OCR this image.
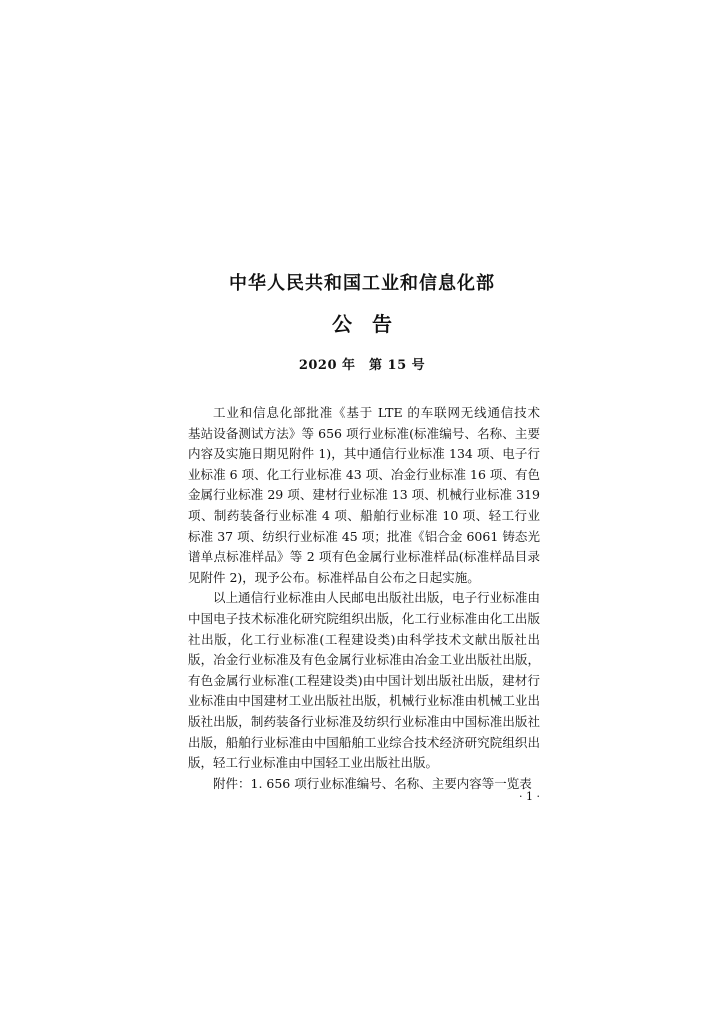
中华人民共和国工业和信息化部
公　告
2020 年　第 15 号

工业和信息化部批准《基于 LTE 的车联网无线通信技术　基站设备测试方法》等 656 项行业标准(标准编号、名称、主要内容及实施日期见附件 1)，其中通信行业标准 134 项、电子行业标准 6 项、化工行业标准 43 项、冶金行业标准 16 项、有色金属行业标准 29 项、建材行业标准 13 项、机械行业标准 319 项、制药装备行业标准 4 项、船舶行业标准 10 项、轻工行业标准 37 项、纺织行业标准 45 项；批准《铝合金 6061 铸态光谱单点标准样品》等 2 项有色金属行业标准样品(标准样品目录见附件 2)，现予公布。标准样品自公布之日起实施。

以上通信行业标准由人民邮电出版社出版，电子行业标准由中国电子技术标准化研究院组织出版，化工行业标准由化工出版社出版，化工行业标准(工程建设类)由科学技术文献出版社出版，冶金行业标准及有色金属行业标准由冶金工业出版社出版，有色金属行业标准(工程建设类)由中国计划出版社出版，建材行业标准由中国建材工业出版社出版，机械行业标准由机械工业出版社出版，制药装备行业标准及纺织行业标准由中国标准出版社出版，船舶行业标准由中国船舶工业综合技术经济研究院组织出版，轻工行业标准由中国轻工业出版社出版。

附件：1. 656 项行业标准编号、名称、主要内容等一览表

· 1 ·
